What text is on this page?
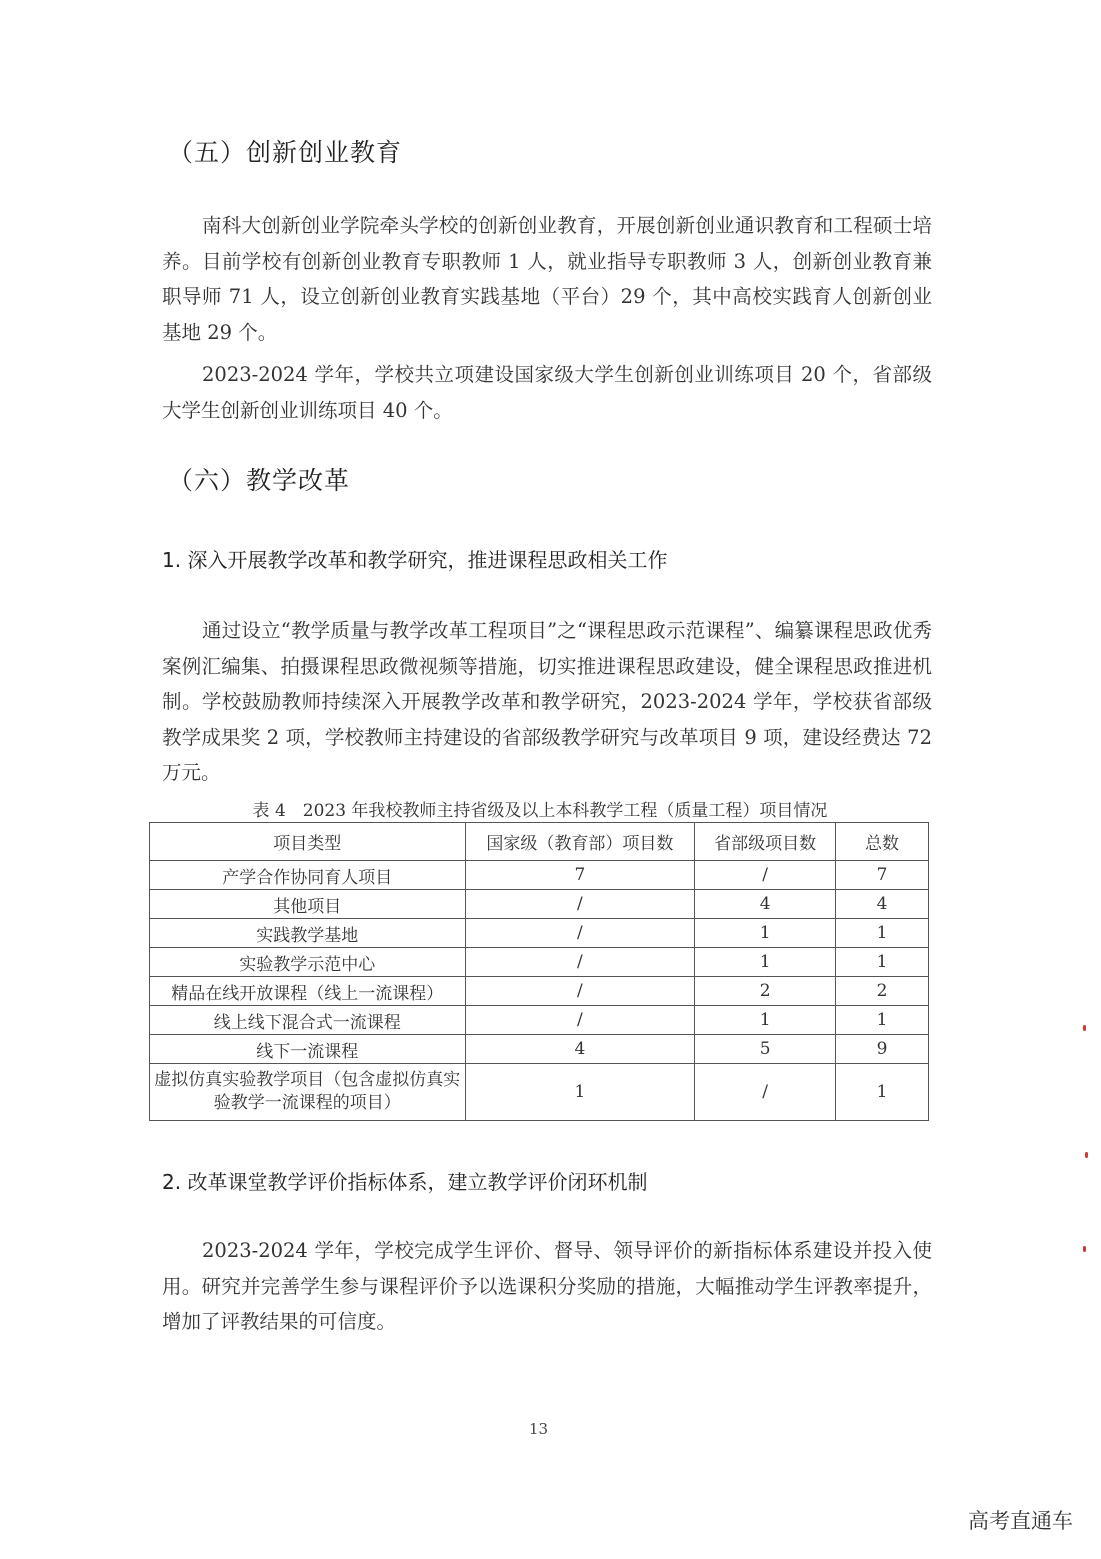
（五）创新创业教育

南科大创新创业学院牵头学校的创新创业教育，开展创新创业通识教育和工程硕士培养。目前学校有创新创业教育专职教师 1 人，就业指导专职教师 3 人，创新创业教育兼职导师 71 人，设立创新创业教育实践基地（平台）29 个，其中高校实践育人创新创业基地 29 个。

2023-2024 学年，学校共立项建设国家级大学生创新创业训练项目 20 个，省部级大学生创新创业训练项目 40 个。

（六）教学改革
1. 深入开展教学改革和教学研究，推进课程思政相关工作

通过设立“教学质量与教学改革工程项目”之“课程思政示范课程”、编纂课程思政优秀案例汇编集、拍摄课程思政微视频等措施，切实推进课程思政建设，健全课程思政推进机制。学校鼓励教师持续深入开展教学改革和教学研究，2023-2024 学年，学校获省部级教学成果奖 2 项，学校教师主持建设的省部级教学研究与改革项目 9 项，建设经费达 72 万元。

表 4　2023 年我校教师主持省级及以上本科教学工程（质量工程）项目情况
项目类型	国家级（教育部）项目数	省部级项目数	总数
产学合作协同育人项目	7	/	7
其他项目	/	4	4
实践教学基地	/	1	1
实验教学示范中心	/	1	1
精品在线开放课程（线上一流课程）	/	2	2
线上线下混合式一流课程	/	1	1
线下一流课程	4	5	9
虚拟仿真实验教学项目（包含虚拟仿真实验教学一流课程的项目）	1	/	1
2. 改革课堂教学评价指标体系，建立教学评价闭环机制

2023-2024 学年，学校完成学生评价、督导、领导评价的新指标体系建设并投入使用。研究并完善学生参与课程评价予以选课积分奖励的措施，大幅推动学生评教率提升，增加了评教结果的可信度。

13
高考直通车
